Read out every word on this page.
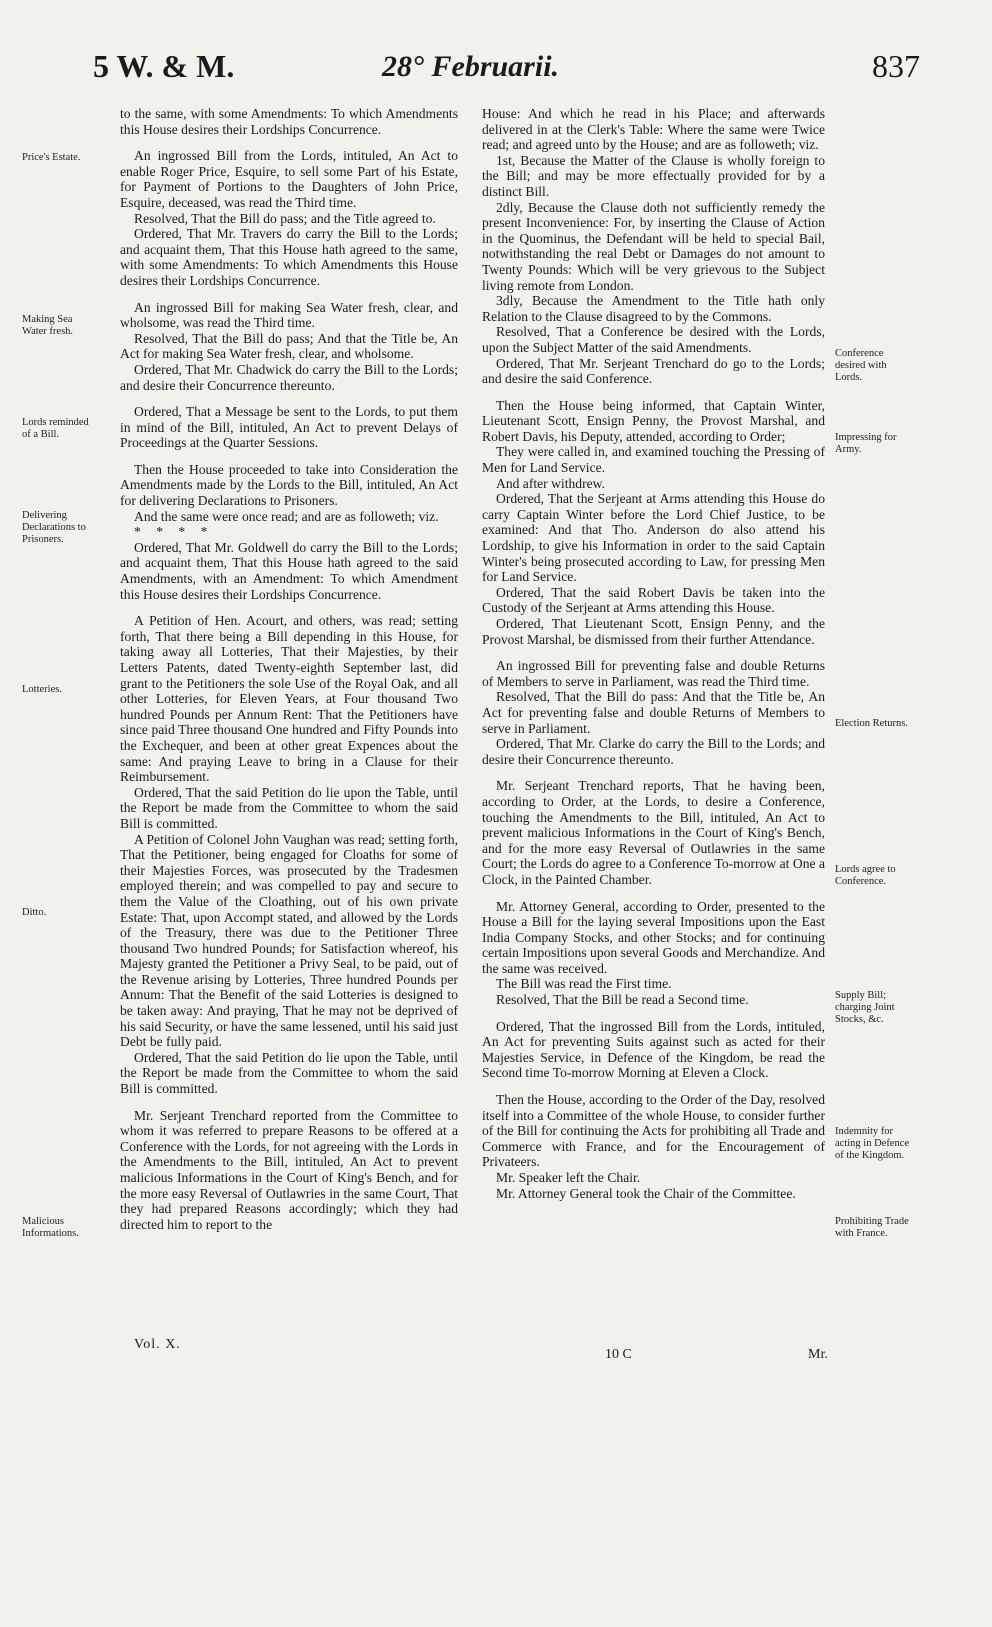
5 W. & M.	28° Februarii.	837
Price's Estate.
Making Sea Water fresh.
Lords reminded of a Bill.
Delivering Declarations to Prisoners.
Lotteries.
Ditto.
Malicious Informations.
Conference desired with Lords.
Impressing for Army.
Election Returns.
Lords agree to Conference.
Supply Bill; charging Joint Stocks, &c.
Indemnity for acting in Defence of the Kingdom.
Prohibiting Trade with France.

to the same, with some Amendments: To which Amendments this House desires their Lordships Concurrence.

An ingrossed Bill from the Lords, intituled, An Act to enable Roger Price, Esquire, to sell some Part of his Estate, for Payment of Portions to the Daughters of John Price, Esquire, deceased, was read the Third time.

Resolved, That the Bill do pass; and the Title agreed to.

Ordered, That Mr. Travers do carry the Bill to the Lords; and acquaint them, That this House hath agreed to the same, with some Amendments: To which Amendments this House desires their Lordships Concurrence.

An ingrossed Bill for making Sea Water fresh, clear, and wholsome, was read the Third time.

Resolved, That the Bill do pass; And that the Title be, An Act for making Sea Water fresh, clear, and wholsome.

Ordered, That Mr. Chadwick do carry the Bill to the Lords; and desire their Concurrence thereunto.

Ordered, That a Message be sent to the Lords, to put them in mind of the Bill, intituled, An Act to prevent Delays of Proceedings at the Quarter Sessions.

Then the House proceeded to take into Consideration the Amendments made by the Lords to the Bill, intituled, An Act for delivering Declarations to Prisoners.

And the same were once read; and are as followeth; viz.

* * * *

Ordered, That Mr. Goldwell do carry the Bill to the Lords; and acquaint them, That this House hath agreed to the said Amendments, with an Amendment: To which Amendment this House desires their Lordships Concurrence.

A Petition of Hen. Acourt, and others, was read; setting forth, That there being a Bill depending in this House, for taking away all Lotteries, That their Majesties, by their Letters Patents, dated Twenty-eighth September last, did grant to the Petitioners the sole Use of the Royal Oak, and all other Lotteries, for Eleven Years, at Four thousand Two hundred Pounds per Annum Rent: That the Petitioners have since paid Three thousand One hundred and Fifty Pounds into the Exchequer, and been at other great Expences about the same: And praying Leave to bring in a Clause for their Reimbursement.

Ordered, That the said Petition do lie upon the Table, until the Report be made from the Committee to whom the said Bill is committed.

A Petition of Colonel John Vaughan was read; setting forth, That the Petitioner, being engaged for Cloaths for some of their Majesties Forces, was prosecuted by the Tradesmen employed therein; and was compelled to pay and secure to them the Value of the Cloathing, out of his own private Estate: That, upon Accompt stated, and allowed by the Lords of the Treasury, there was due to the Petitioner Three thousand Two hundred Pounds; for Satisfaction whereof, his Majesty granted the Petitioner a Privy Seal, to be paid, out of the Revenue arising by Lotteries, Three hundred Pounds per Annum: That the Benefit of the said Lotteries is designed to be taken away: And praying, That he may not be deprived of his said Security, or have the same lessened, until his said just Debt be fully paid.

Ordered, That the said Petition do lie upon the Table, until the Report be made from the Committee to whom the said Bill is committed.

Mr. Serjeant Trenchard reported from the Committee to whom it was referred to prepare Reasons to be offered at a Conference with the Lords, for not agreeing with the Lords in the Amendments to the Bill, intituled, An Act to prevent malicious Informations in the Court of King's Bench, and for the more easy Reversal of Outlawries in the same Court, That they had prepared Reasons accordingly; which they had directed him to report to the

House: And which he read in his Place; and afterwards delivered in at the Clerk's Table: Where the same were Twice read; and agreed unto by the House; and are as followeth; viz.

1st, Because the Matter of the Clause is wholly foreign to the Bill; and may be more effectually provided for by a distinct Bill.

2dly, Because the Clause doth not sufficiently remedy the present Inconvenience: For, by inserting the Clause of Action in the Quominus, the Defendant will be held to special Bail, notwithstanding the real Debt or Damages do not amount to Twenty Pounds: Which will be very grievous to the Subject living remote from London.

3dly, Because the Amendment to the Title hath only Relation to the Clause disagreed to by the Commons.

Resolved, That a Conference be desired with the Lords, upon the Subject Matter of the said Amendments.

Ordered, That Mr. Serjeant Trenchard do go to the Lords; and desire the said Conference.

Then the House being informed, that Captain Winter, Lieutenant Scott, Ensign Penny, the Provost Marshal, and Robert Davis, his Deputy, attended, according to Order;

They were called in, and examined touching the Pressing of Men for Land Service.

And after withdrew.

Ordered, That the Serjeant at Arms attending this House do carry Captain Winter before the Lord Chief Justice, to be examined: And that Tho. Anderson do also attend his Lordship, to give his Information in order to the said Captain Winter's being prosecuted according to Law, for pressing Men for Land Service.

Ordered, That the said Robert Davis be taken into the Custody of the Serjeant at Arms attending this House.

Ordered, That Lieutenant Scott, Ensign Penny, and the Provost Marshal, be dismissed from their further Attendance.

An ingrossed Bill for preventing false and double Returns of Members to serve in Parliament, was read the Third time.

Resolved, That the Bill do pass: And that the Title be, An Act for preventing false and double Returns of Members to serve in Parliament.

Ordered, That Mr. Clarke do carry the Bill to the Lords; and desire their Concurrence thereunto.

Mr. Serjeant Trenchard reports, That he having been, according to Order, at the Lords, to desire a Conference, touching the Amendments to the Bill, intituled, An Act to prevent malicious Informations in the Court of King's Bench, and for the more easy Reversal of Outlawries in the same Court; the Lords do agree to a Conference To-morrow at One a Clock, in the Painted Chamber.

Mr. Attorney General, according to Order, presented to the House a Bill for the laying several Impositions upon the East India Company Stocks, and other Stocks; and for continuing certain Impositions upon several Goods and Merchandize. And the same was received.

The Bill was read the First time.

Resolved, That the Bill be read a Second time.

Ordered, That the ingrossed Bill from the Lords, intituled, An Act for preventing Suits against such as acted for their Majesties Service, in Defence of the Kingdom, be read the Second time To-morrow Morning at Eleven a Clock.

Then the House, according to the Order of the Day, resolved itself into a Committee of the whole House, to consider further of the Bill for continuing the Acts for prohibiting all Trade and Commerce with France, and for the Encouragement of Privateers.

Mr. Speaker left the Chair.

Mr. Attorney General took the Chair of the Committee.

Vol. X.
10 C	Mr.
